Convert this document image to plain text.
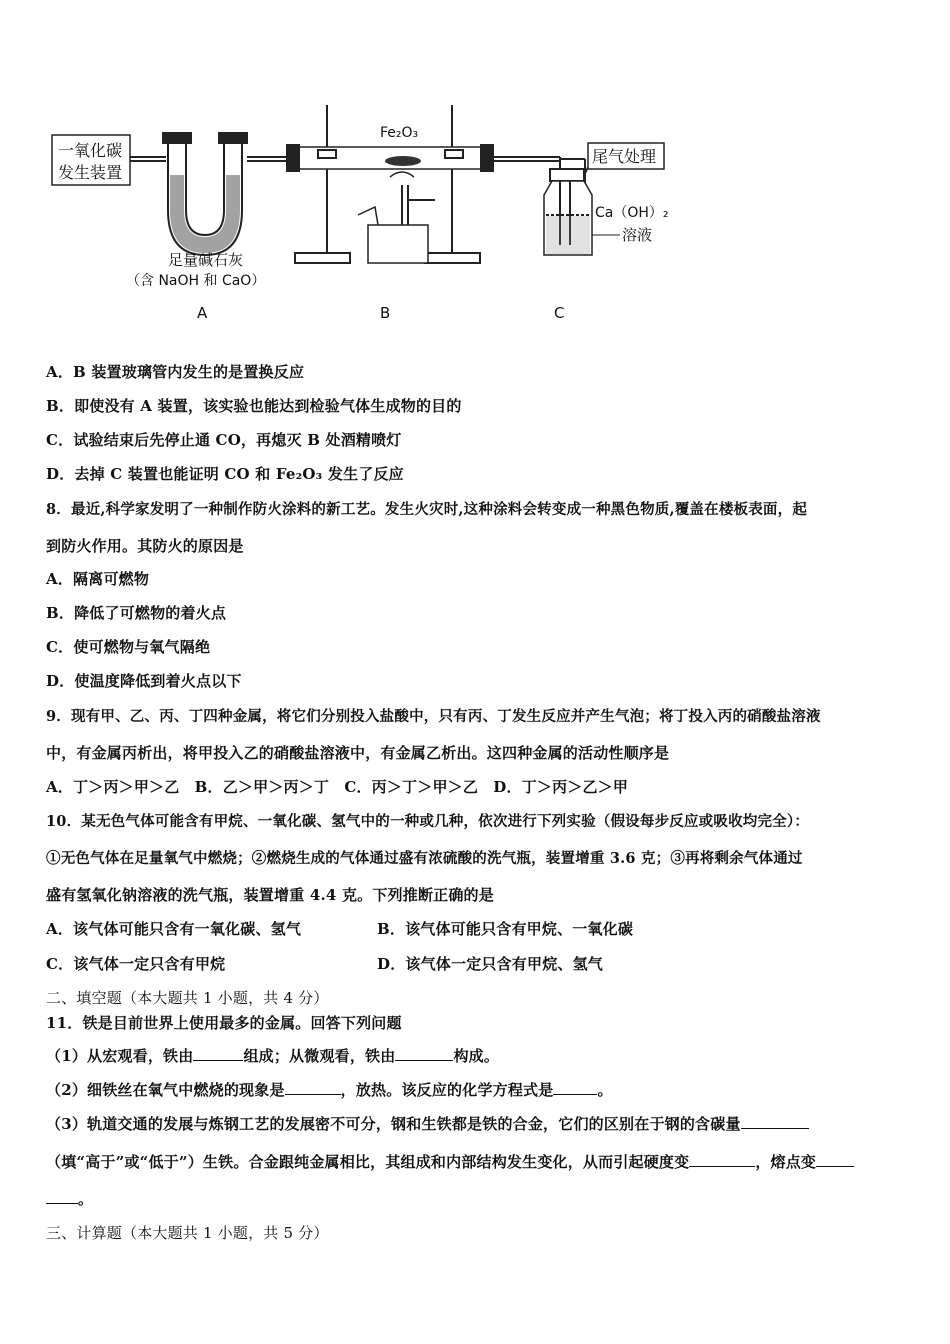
一氧化碳
发生装置
Fe₂O₃
尾气处理
Ca（OH）₂
溶液
足量碱石灰
（含 NaOH 和 CaO）
A	B	C
A．B 装置玻璃管内发生的是置换反应
B．即使没有 A 装置，该实验也能达到检验气体生成物的目的
C．试验结束后先停止通 CO，再熄灭 B 处酒精喷灯
D．去掉 C 装置也能证明 CO 和 Fe₂O₃ 发生了反应
8．最近,科学家发明了一种制作防火涂料的新工艺。发生火灾时,这种涂料会转变成一种黑色物质,覆盖在楼板表面，起
到防火作用。其防火的原因是
A．隔离可燃物
B．降低了可燃物的着火点
C．使可燃物与氧气隔绝
D．使温度降低到着火点以下
9．现有甲、乙、丙、丁四种金属，将它们分别投入盐酸中，只有丙、丁发生反应并产生气泡；将丁投入丙的硝酸盐溶液
中，有金属丙析出，将甲投入乙的硝酸盐溶液中，有金属乙析出。这四种金属的活动性顺序是
A．丁＞丙＞甲＞乙　B．乙＞甲＞丙＞丁　C．丙＞丁＞甲＞乙　D．丁＞丙＞乙＞甲
10．某无色气体可能含有甲烷、一氧化碳、氢气中的一种或几种，依次进行下列实验（假设每步反应或吸收均完全）：
①无色气体在足量氧气中燃烧；②燃烧生成的气体通过盛有浓硫酸的洗气瓶，装置增重 3.6 克；③再将剩余气体通过
盛有氢氧化钠溶液的洗气瓶，装置增重 4.4 克。下列推断正确的是
A．该气体可能只含有一氧化碳、氢气	B．该气体可能只含有甲烷、一氧化碳
C．该气体一定只含有甲烷	D．该气体一定只含有甲烷、氢气
二、填空题（本大题共 1 小题，共 4 分）
11．铁是目前世界上使用最多的金属。回答下列问题
（1）从宏观看，铁由	组成；从微观看，铁由	构成。
（2）细铁丝在氧气中燃烧的现象是	，放热。该反应的化学方程式是	。
（3）轨道交通的发展与炼钢工艺的发展密不可分，钢和生铁都是铁的合金，它们的区别在于钢的含碳量
（填“高于”或“低于”）生铁。合金跟纯金属相比，其组成和内部结构发生变化，从而引起硬度变	，熔点变
。
三、计算题（本大题共 1 小题，共 5 分）
